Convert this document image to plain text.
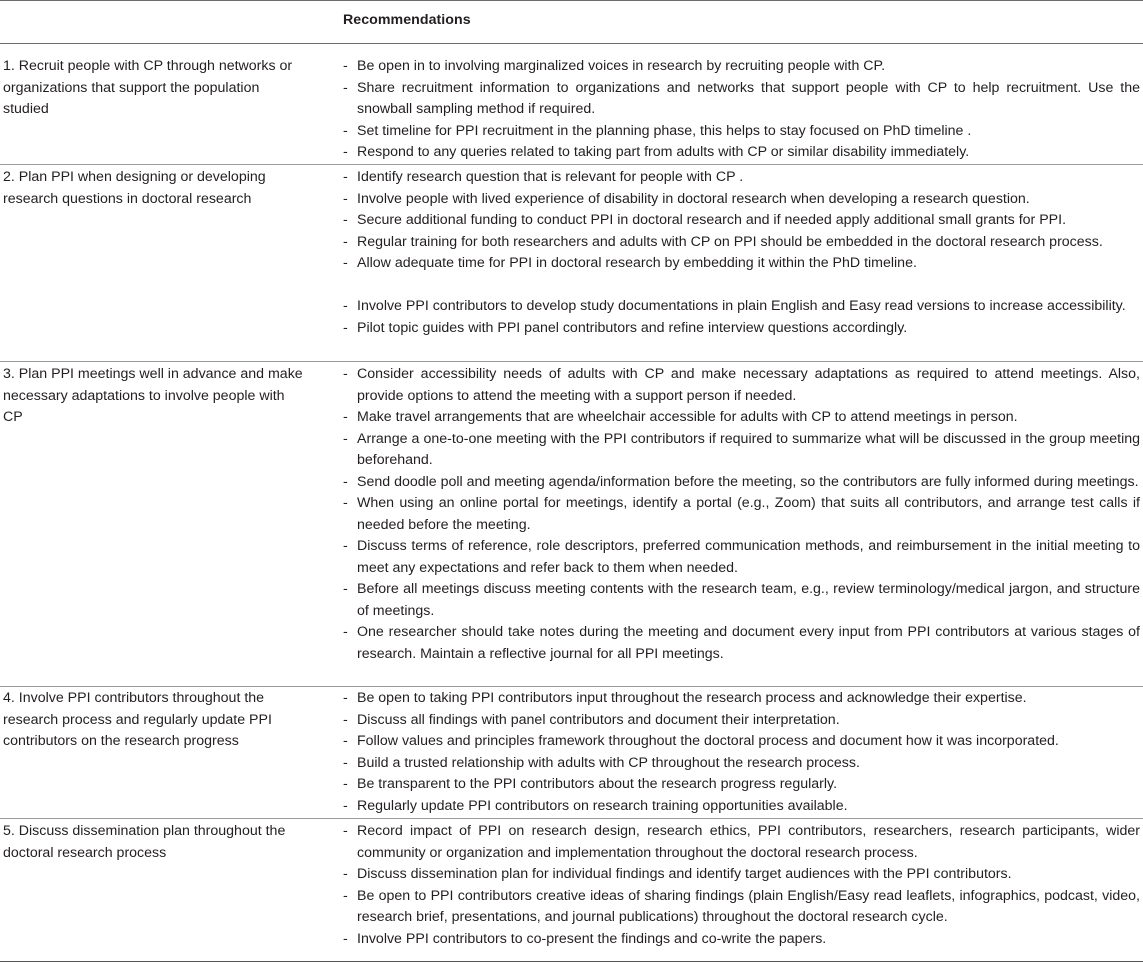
Recommendations
1. Recruit people with CP through networks or organizations that support the population studied
- Be open in to involving marginalized voices in research by recruiting people with CP.
- Share recruitment information to organizations and networks that support people with CP to help recruitment. Use the snowball sampling method if required.
- Set timeline for PPI recruitment in the planning phase, this helps to stay focused on PhD timeline .
- Respond to any queries related to taking part from adults with CP or similar disability immediately.
2. Plan PPI when designing or developing research questions in doctoral research
- Identify research question that is relevant for people with CP .
- Involve people with lived experience of disability in doctoral research when developing a research question.
- Secure additional funding to conduct PPI in doctoral research and if needed apply additional small grants for PPI.
- Regular training for both researchers and adults with CP on PPI should be embedded in the doctoral research process.
- Allow adequate time for PPI in doctoral research by embedding it within the PhD timeline.
- Involve PPI contributors to develop study documentations in plain English and Easy read versions to increase accessibility.
- Pilot topic guides with PPI panel contributors and refine interview questions accordingly.
3. Plan PPI meetings well in advance and make necessary adaptations to involve people with CP
- Consider accessibility needs of adults with CP and make necessary adaptations as required to attend meetings. Also, provide options to attend the meeting with a support person if needed.
- Make travel arrangements that are wheelchair accessible for adults with CP to attend meetings in person.
- Arrange a one-to-one meeting with the PPI contributors if required to summarize what will be discussed in the group meeting beforehand.
- Send doodle poll and meeting agenda/information before the meeting, so the contributors are fully informed during meetings.
- When using an online portal for meetings, identify a portal (e.g., Zoom) that suits all contributors, and arrange test calls if needed before the meeting.
- Discuss terms of reference, role descriptors, preferred communication methods, and reimbursement in the initial meeting to meet any expectations and refer back to them when needed.
- Before all meetings discuss meeting contents with the research team, e.g., review terminology/medical jargon, and structure of meetings.
- One researcher should take notes during the meeting and document every input from PPI contributors at various stages of research. Maintain a reflective journal for all PPI meetings.
4. Involve PPI contributors throughout the research process and regularly update PPI contributors on the research progress
- Be open to taking PPI contributors input throughout the research process and acknowledge their expertise.
- Discuss all findings with panel contributors and document their interpretation.
- Follow values and principles framework throughout the doctoral process and document how it was incorporated.
- Build a trusted relationship with adults with CP throughout the research process.
- Be transparent to the PPI contributors about the research progress regularly.
- Regularly update PPI contributors on research training opportunities available.
5. Discuss dissemination plan throughout the doctoral research process
- Record impact of PPI on research design, research ethics, PPI contributors, researchers, research participants, wider community or organization and implementation throughout the doctoral research process.
- Discuss dissemination plan for individual findings and identify target audiences with the PPI contributors.
- Be open to PPI contributors creative ideas of sharing findings (plain English/Easy read leaflets, infographics, podcast, video, research brief, presentations, and journal publications) throughout the doctoral research cycle.
- Involve PPI contributors to co-present the findings and co-write the papers.
